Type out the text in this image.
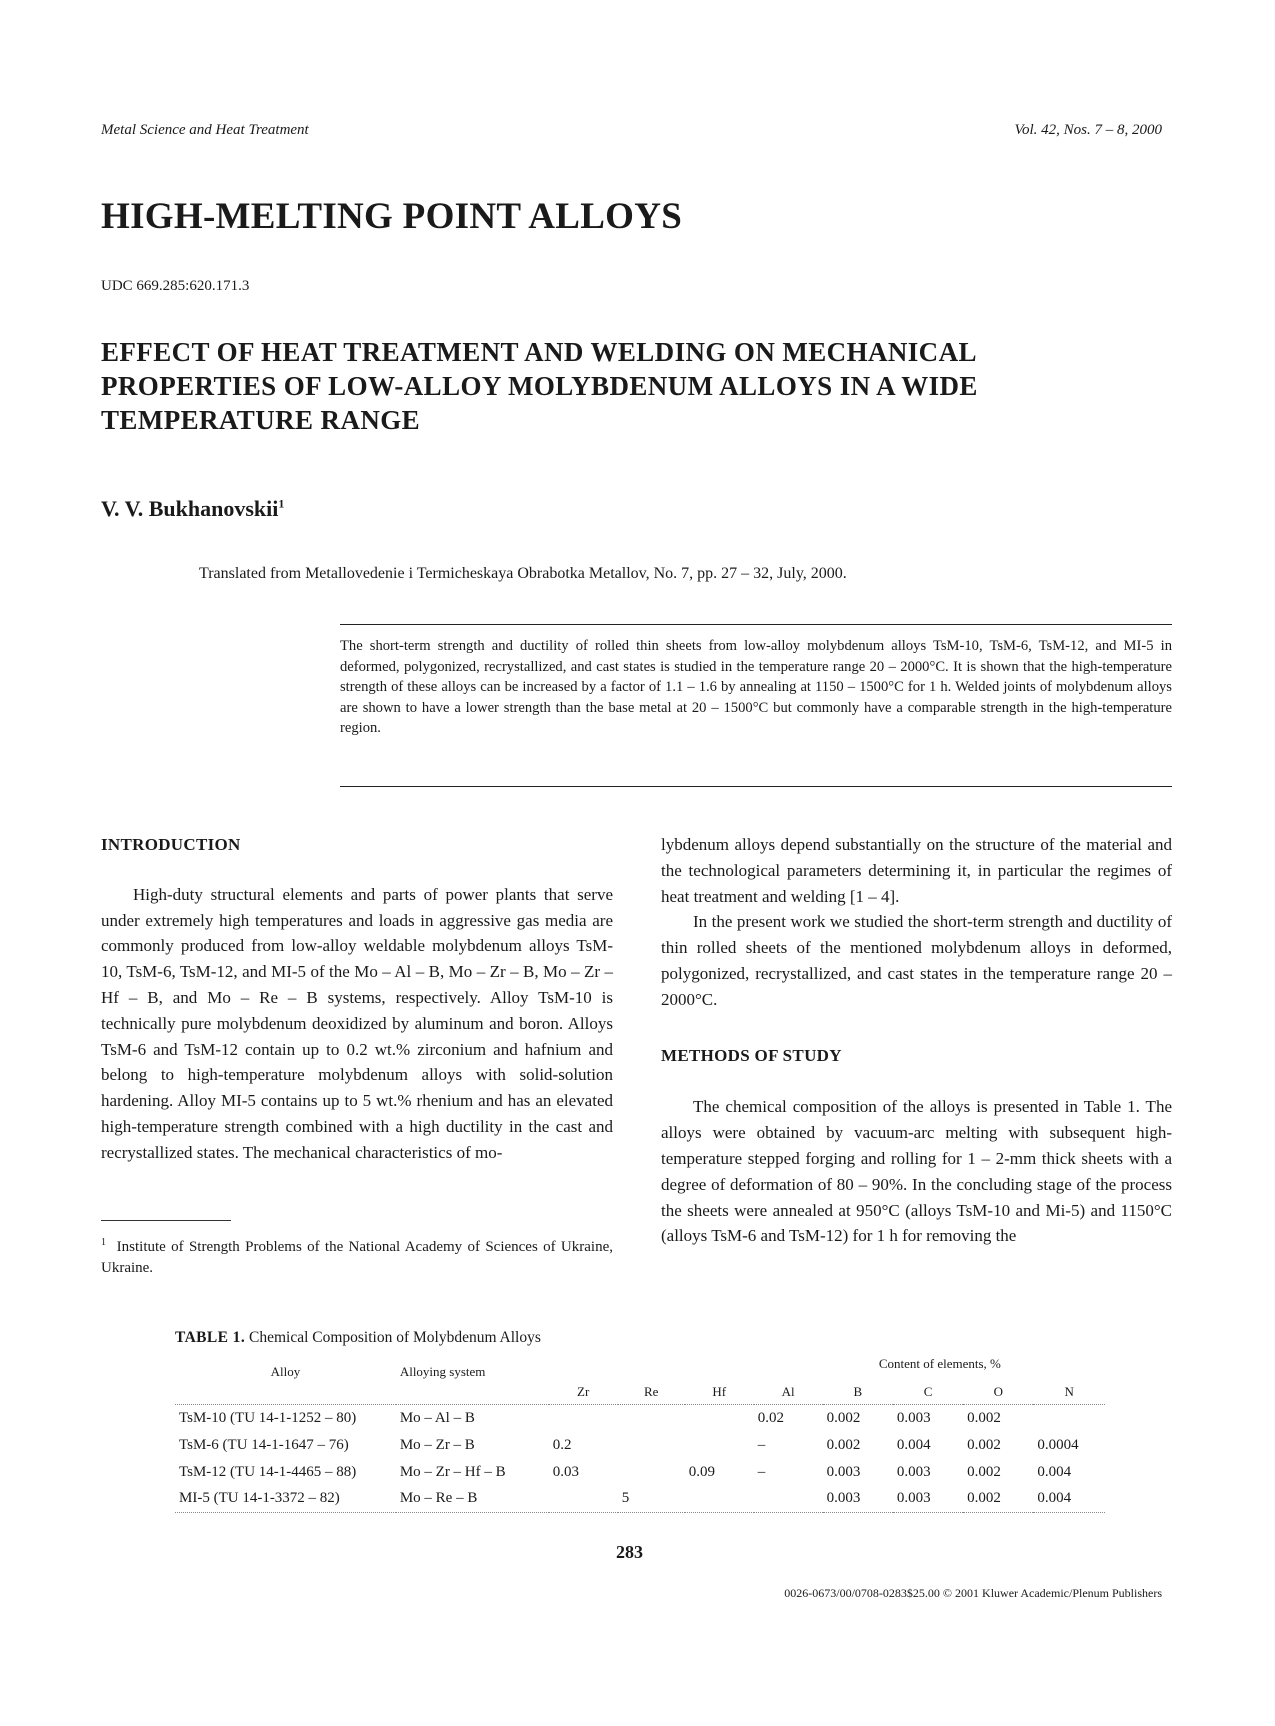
Metal Science and Heat Treatment	Vol. 42, Nos. 7 – 8, 2000
HIGH-MELTING POINT ALLOYS
UDC 669.285:620.171.3
EFFECT OF HEAT TREATMENT AND WELDING ON MECHANICAL PROPERTIES OF LOW-ALLOY MOLYBDENUM ALLOYS IN A WIDE TEMPERATURE RANGE
V. V. Bukhanovskii$^1$
Translated from Metallovedenie i Termicheskaya Obrabotka Metallov, No. 7, pp. 27 – 32, July, 2000.
The short-term strength and ductility of rolled thin sheets from low-alloy molybdenum alloys TsM-10, TsM-6, TsM-12, and MI-5 in deformed, polygonized, recrystallized, and cast states is studied in the temperature range 20 – 2000°C. It is shown that the high-temperature strength of these alloys can be increased by a factor of 1.1 – 1.6 by annealing at 1150 – 1500°C for 1 h. Welded joints of molybdenum alloys are shown to have a lower strength than the base metal at 20 – 1500°C but commonly have a comparable strength in the high-temperature region.
INTRODUCTION

High-duty structural elements and parts of power plants that serve under extremely high temperatures and loads in aggressive gas media are commonly produced from low-alloy weldable molybdenum alloys TsM-10, TsM-6, TsM-12, and MI-5 of the Mo – Al – B, Mo – Zr – B, Mo – Zr – Hf – B, and Mo – Re – B systems, respectively. Alloy TsM-10 is technically pure molybdenum deoxidized by aluminum and boron. Alloys TsM-6 and TsM-12 contain up to 0.2 wt.% zirconium and hafnium and belong to high-temperature molybdenum alloys with solid-solution hardening. Alloy MI-5 contains up to 5 wt.% rhenium and has an elevated high-temperature strength combined with a high ductility in the cast and recrystallized states. The mechanical characteristics of mo-

$^1$ Institute of Strength Problems of the National Academy of Sciences of Ukraine, Ukraine.

lybdenum alloys depend substantially on the structure of the material and the technological parameters determining it, in particular the regimes of heat treatment and welding [1 – 4].

In the present work we studied the short-term strength and ductility of thin rolled sheets of the mentioned molybdenum alloys in deformed, polygonized, recrystallized, and cast states in the temperature range 20 – 2000°C.

METHODS OF STUDY

The chemical composition of the alloys is presented in Table 1. The alloys were obtained by vacuum-arc melting with subsequent high-temperature stepped forging and rolling for 1 – 2-mm thick sheets with a degree of deformation of 80 – 90%. In the concluding stage of the process the sheets were annealed at 950°C (alloys TsM-10 and Mi-5) and 1150°C (alloys TsM-6 and TsM-12) for 1 h for removing the

TABLE 1. Chemical Composition of Molybdenum Alloys
Alloy	Alloying system	Content of elements, %							

		Zr	Re	Hf	Al	B	C	O	N
TsM-10 (TU 14-1-1252 – 80)	Mo – Al – B				0.02	0.002	0.003	0.002	
TsM-6 (TU 14-1-1647 – 76)	Mo – Zr – B	0.2			–	0.002	0.004	0.002	0.0004
TsM-12 (TU 14-1-4465 – 88)	Mo – Zr – Hf – B	0.03		0.09	–	0.003	0.003	0.002	0.004
MI-5 (TU 14-1-3372 – 82)	Mo – Re – B		5			0.003	0.003	0.002	0.004
283
0026-0673/00/0708-0283$25.00 © 2001 Kluwer Academic/Plenum Publishers
